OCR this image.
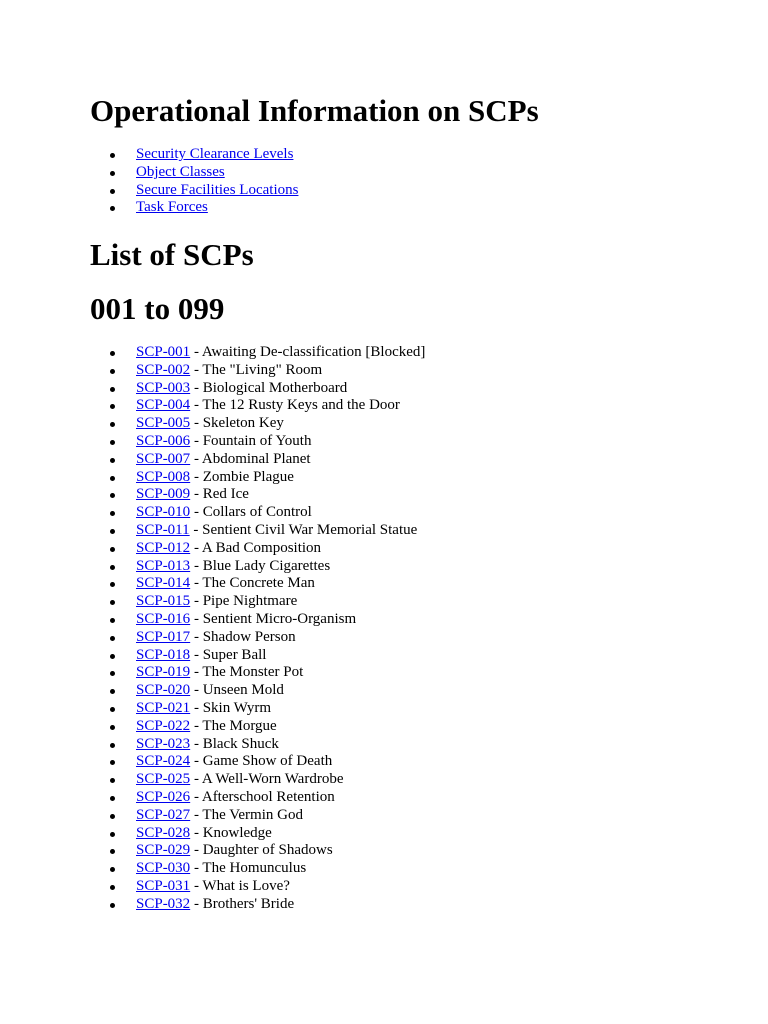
Operational Information on SCPs
Security Clearance Levels
Object Classes
Secure Facilities Locations
Task Forces
List of SCPs
001 to 099
SCP-001 - Awaiting De-classification [Blocked]
SCP-002 - The "Living" Room
SCP-003 - Biological Motherboard
SCP-004 - The 12 Rusty Keys and the Door
SCP-005 - Skeleton Key
SCP-006 - Fountain of Youth
SCP-007 - Abdominal Planet
SCP-008 - Zombie Plague
SCP-009 - Red Ice
SCP-010 - Collars of Control
SCP-011 - Sentient Civil War Memorial Statue
SCP-012 - A Bad Composition
SCP-013 - Blue Lady Cigarettes
SCP-014 - The Concrete Man
SCP-015 - Pipe Nightmare
SCP-016 - Sentient Micro-Organism
SCP-017 - Shadow Person
SCP-018 - Super Ball
SCP-019 - The Monster Pot
SCP-020 - Unseen Mold
SCP-021 - Skin Wyrm
SCP-022 - The Morgue
SCP-023 - Black Shuck
SCP-024 - Game Show of Death
SCP-025 - A Well-Worn Wardrobe
SCP-026 - Afterschool Retention
SCP-027 - The Vermin God
SCP-028 - Knowledge
SCP-029 - Daughter of Shadows
SCP-030 - The Homunculus
SCP-031 - What is Love?
SCP-032 - Brothers' Bride
